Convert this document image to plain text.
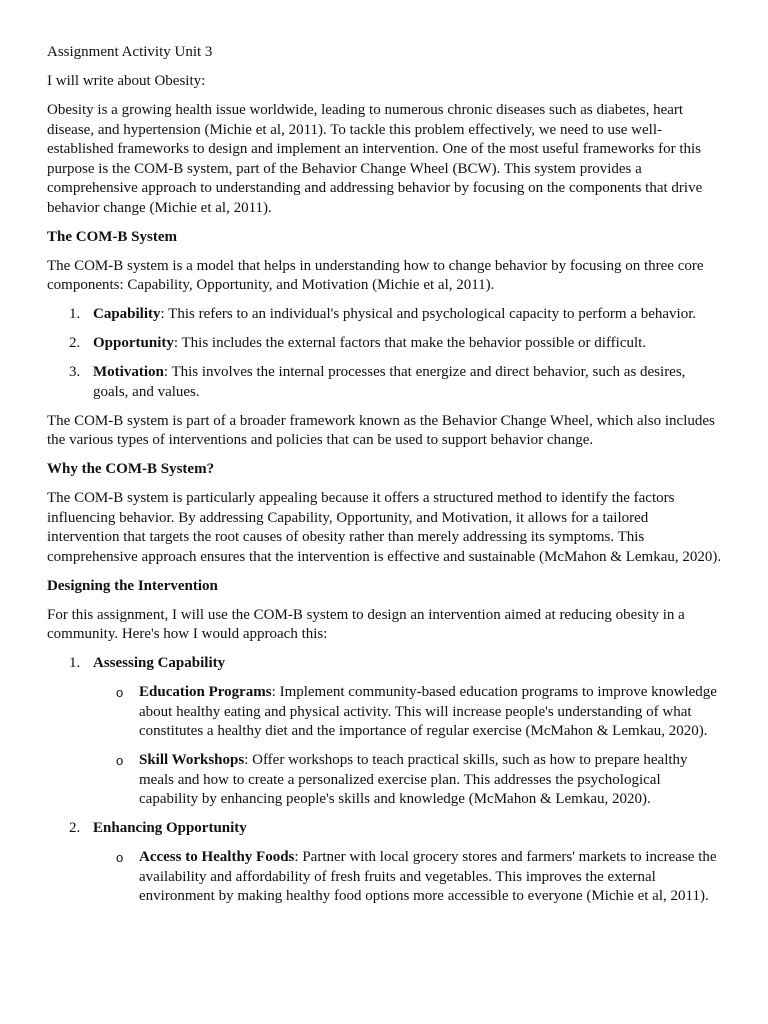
Assignment Activity Unit 3

I will write about Obesity:

Obesity is a growing health issue worldwide, leading to numerous chronic diseases such as diabetes, heart disease, and hypertension (Michie et al, 2011). To tackle this problem effectively, we need to use well-established frameworks to design and implement an intervention. One of the most useful frameworks for this purpose is the COM-B system, part of the Behavior Change Wheel (BCW). This system provides a comprehensive approach to understanding and addressing behavior by focusing on the components that drive behavior change (Michie et al, 2011).

The COM-B System

The COM-B system is a model that helps in understanding how to change behavior by focusing on three core components: Capability, Opportunity, and Motivation (Michie et al, 2011).

1. Capability: This refers to an individual's physical and psychological capacity to perform a behavior.
2. Opportunity: This includes the external factors that make the behavior possible or difficult.
3. Motivation: This involves the internal processes that energize and direct behavior, such as desires, goals, and values.

The COM-B system is part of a broader framework known as the Behavior Change Wheel, which also includes the various types of interventions and policies that can be used to support behavior change.

Why the COM-B System?

The COM-B system is particularly appealing because it offers a structured method to identify the factors influencing behavior. By addressing Capability, Opportunity, and Motivation, it allows for a tailored intervention that targets the root causes of obesity rather than merely addressing its symptoms. This comprehensive approach ensures that the intervention is effective and sustainable (McMahon & Lemkau, 2020).

Designing the Intervention

For this assignment, I will use the COM-B system to design an intervention aimed at reducing obesity in a community. Here's how I would approach this:

1. Assessing Capability
o Education Programs: Implement community-based education programs to improve knowledge about healthy eating and physical activity. This will increase people's understanding of what constitutes a healthy diet and the importance of regular exercise (McMahon & Lemkau, 2020).
o Skill Workshops: Offer workshops to teach practical skills, such as how to prepare healthy meals and how to create a personalized exercise plan. This addresses the psychological capability by enhancing people's skills and knowledge (McMahon & Lemkau, 2020).
2. Enhancing Opportunity
o Access to Healthy Foods: Partner with local grocery stores and farmers' markets to increase the availability and affordability of fresh fruits and vegetables. This improves the external environment by making healthy food options more accessible to everyone (Michie et al, 2011).
